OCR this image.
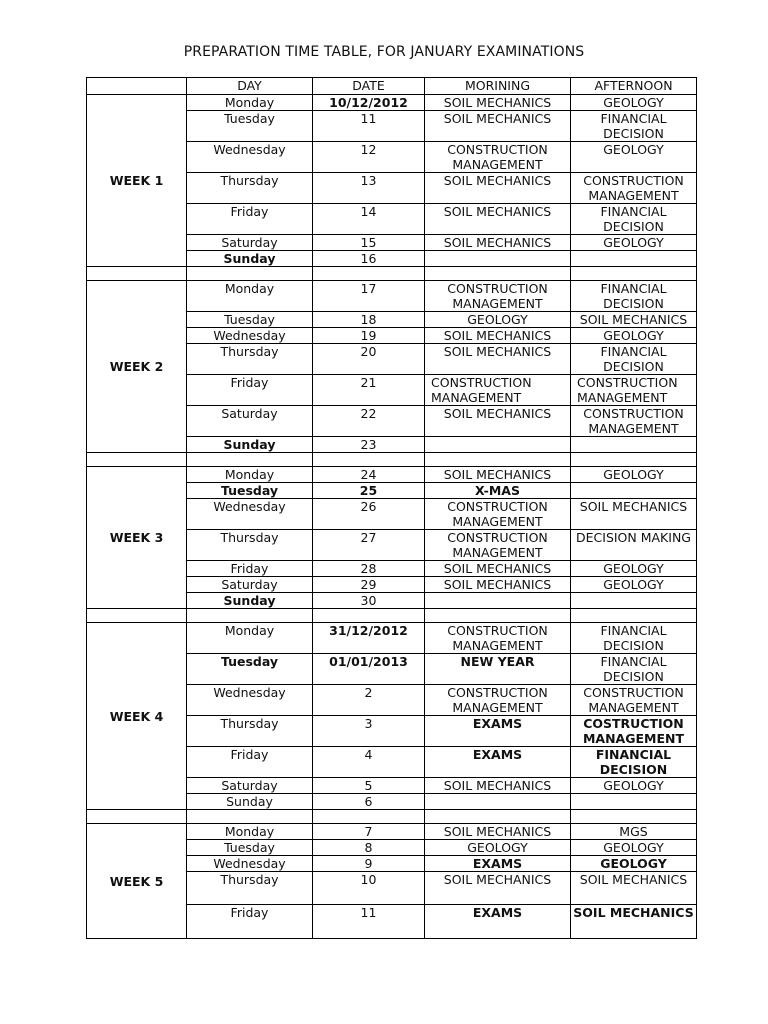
PREPARATION TIME TABLE, FOR JANUARY EXAMINATIONS
	DAY	DATE	MORINING	AFTERNOON
WEEK 1	Monday	10/12/2012	SOIL MECHANICS	GEOLOGY
	Tuesday	11	SOIL MECHANICS	FINANCIAL DECISION
	Wednesday	12	CONSTRUCTION MANAGEMENT	GEOLOGY
	Thursday	13	SOIL MECHANICS	CONSTRUCTION MANAGEMENT
	Friday	14	SOIL MECHANICS	FINANCIAL DECISION
	Saturday	15	SOIL MECHANICS	GEOLOGY
	Sunday	16		

WEEK 2	Monday	17	CONSTRUCTION MANAGEMENT	FINANCIAL DECISION
	Tuesday	18	GEOLOGY	SOIL MECHANICS
	Wednesday	19	SOIL MECHANICS	GEOLOGY
	Thursday	20	SOIL MECHANICS	FINANCIAL DECISION
	Friday	21	CONSTRUCTION MANAGEMENT	CONSTRUCTION MANAGEMENT
	Saturday	22	SOIL MECHANICS	CONSTRUCTION MANAGEMENT
	Sunday	23		

WEEK 3	Monday	24	SOIL MECHANICS	GEOLOGY
	Tuesday	25	X-MAS	
	Wednesday	26	CONSTRUCTION MANAGEMENT	SOIL MECHANICS
	Thursday	27	CONSTRUCTION MANAGEMENT	DECISION MAKING
	Friday	28	SOIL MECHANICS	GEOLOGY
	Saturday	29	SOIL MECHANICS	GEOLOGY
	Sunday	30		

WEEK 4	Monday	31/12/2012	CONSTRUCTION MANAGEMENT	FINANCIAL DECISION
	Tuesday	01/01/2013	NEW YEAR	FINANCIAL DECISION
	Wednesday	2	CONSTRUCTION MANAGEMENT	CONSTRUCTION MANAGEMENT
	Thursday	3	EXAMS	COSTRUCTION MANAGEMENT
	Friday	4	EXAMS	FINANCIAL DECISION
	Saturday	5	SOIL MECHANICS	GEOLOGY
	Sunday	6		

WEEK 5	Monday	7	SOIL MECHANICS	MGS
	Tuesday	8	GEOLOGY	GEOLOGY
	Wednesday	9	EXAMS	GEOLOGY
	Thursday	10	SOIL MECHANICS	SOIL MECHANICS
	Friday	11	EXAMS	SOIL MECHANICS
